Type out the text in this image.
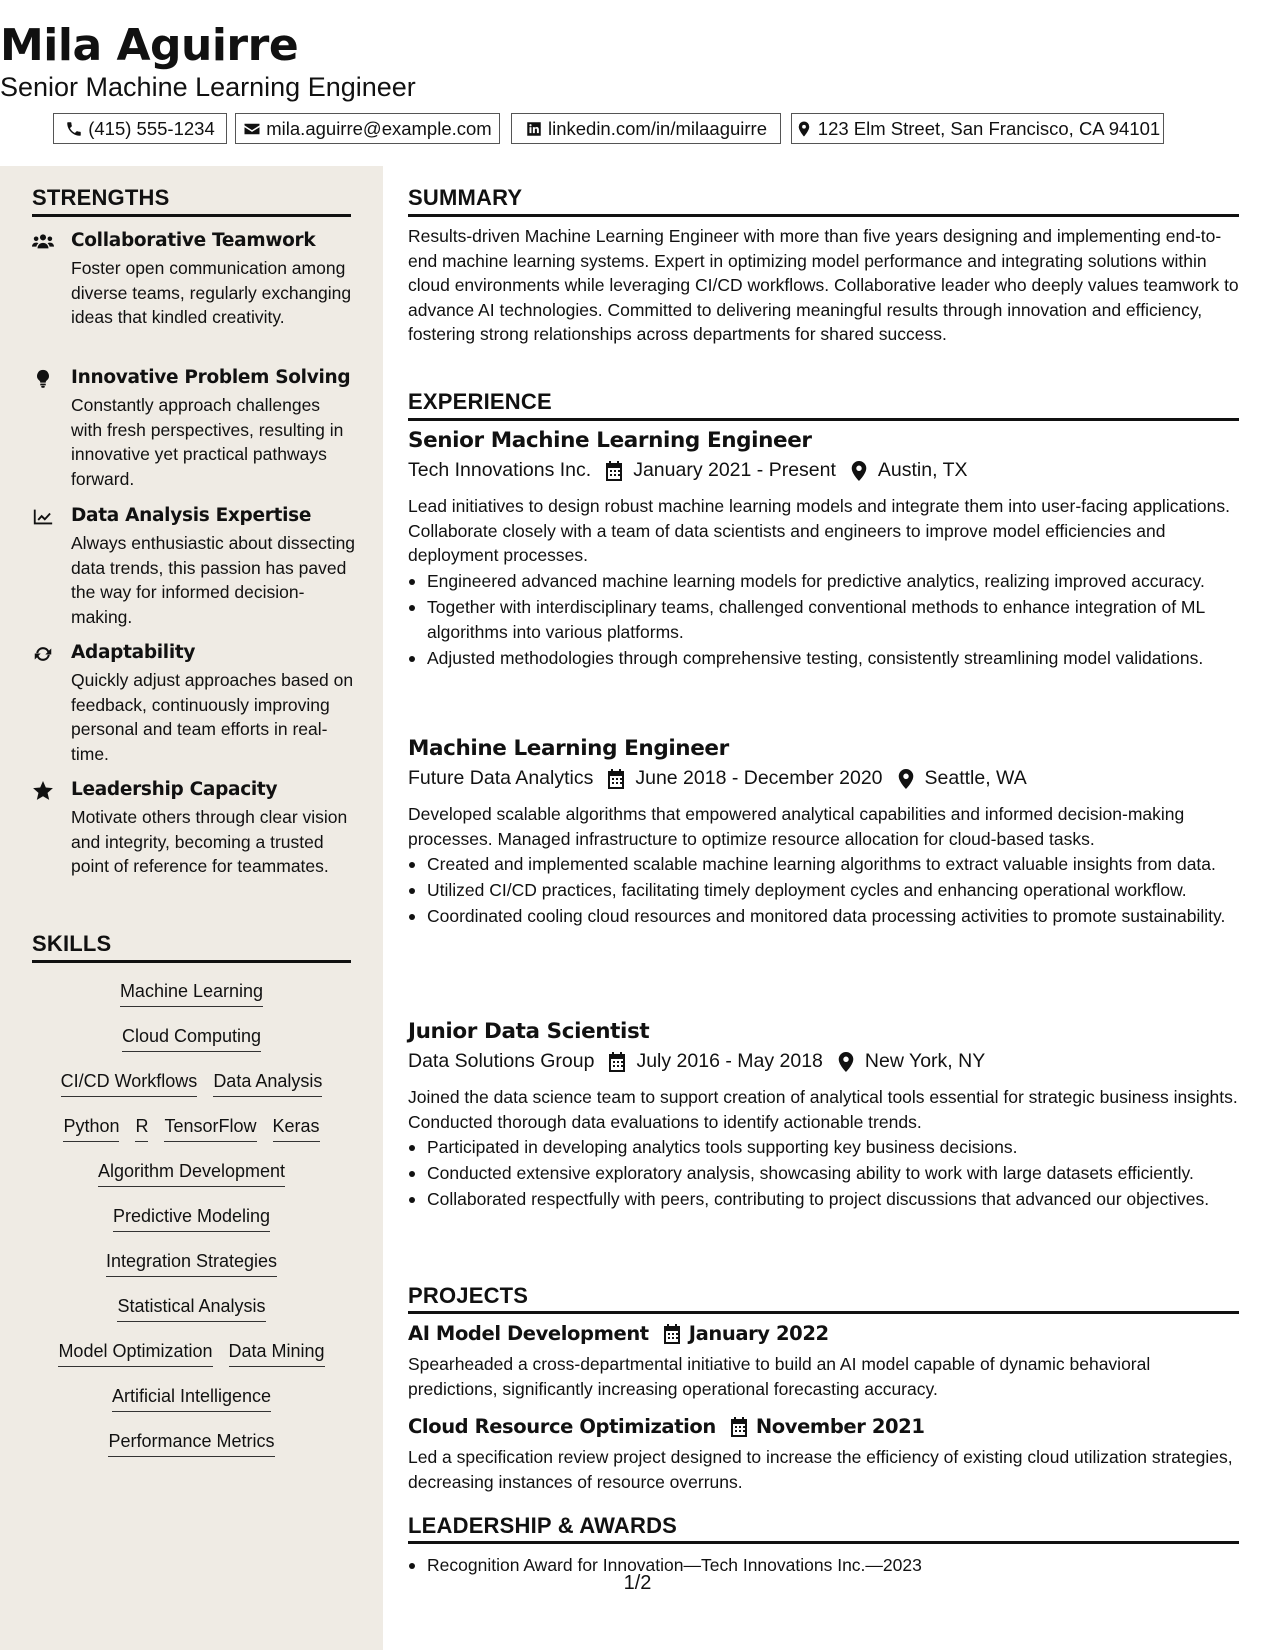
Mila Aguirre
Senior Machine Learning Engineer
(415) 555-1234	mila.aguirre@example.com	linkedin.com/in/milaaguirre	123 Elm Street, San Francisco, CA 94101
STRENGTHS
Collaborative Teamwork
Foster open communication among diverse teams, regularly exchanging ideas that kindled creativity.
Innovative Problem Solving
Constantly approach challenges with fresh perspectives, resulting in innovative yet practical pathways forward.
Data Analysis Expertise
Always enthusiastic about dissecting data trends, this passion has paved the way for informed decision-making.
Adaptability
Quickly adjust approaches based on feedback, continuously improving personal and team efforts in real-time.
Leadership Capacity
Motivate others through clear vision and integrity, becoming a trusted point of reference for teammates.
SKILLS
Machine Learning
Cloud Computing
CI/CD Workflows Data Analysis
Python R TensorFlow Keras
Algorithm Development
Predictive Modeling
Integration Strategies
Statistical Analysis
Model Optimization Data Mining
Artificial Intelligence
Performance Metrics
SUMMARY
Results-driven Machine Learning Engineer with more than five years designing and implementing end-to-end machine learning systems. Expert in optimizing model performance and integrating solutions within cloud environments while leveraging CI/CD workflows. Collaborative leader who deeply values teamwork to advance AI technologies. Committed to delivering meaningful results through innovation and efficiency, fostering strong relationships across departments for shared success.
EXPERIENCE
Senior Machine Learning Engineer
Tech Innovations Inc. January 2021 - Present Austin, TX
Lead initiatives to design robust machine learning models and integrate them into user-facing applications. Collaborate closely with a team of data scientists and engineers to improve model efficiencies and deployment processes.
Engineered advanced machine learning models for predictive analytics, realizing improved accuracy.
Together with interdisciplinary teams, challenged conventional methods to enhance integration of ML algorithms into various platforms.
Adjusted methodologies through comprehensive testing, consistently streamlining model validations.
Machine Learning Engineer
Future Data Analytics June 2018 - December 2020 Seattle, WA
Developed scalable algorithms that empowered analytical capabilities and informed decision-making processes. Managed infrastructure to optimize resource allocation for cloud-based tasks.
Created and implemented scalable machine learning algorithms to extract valuable insights from data.
Utilized CI/CD practices, facilitating timely deployment cycles and enhancing operational workflow.
Coordinated cooling cloud resources and monitored data processing activities to promote sustainability.
Junior Data Scientist
Data Solutions Group July 2016 - May 2018 New York, NY
Joined the data science team to support creation of analytical tools essential for strategic business insights. Conducted thorough data evaluations to identify actionable trends.
Participated in developing analytics tools supporting key business decisions.
Conducted extensive exploratory analysis, showcasing ability to work with large datasets efficiently.
Collaborated respectfully with peers, contributing to project discussions that advanced our objectives.
PROJECTS
AI Model Development January 2022
Spearheaded a cross-departmental initiative to build an AI model capable of dynamic behavioral predictions, significantly increasing operational forecasting accuracy.
Cloud Resource Optimization November 2021
Led a specification review project designed to increase the efficiency of existing cloud utilization strategies, decreasing instances of resource overruns.
LEADERSHIP & AWARDS
Recognition Award for Innovation—Tech Innovations Inc.—2023
1/2
